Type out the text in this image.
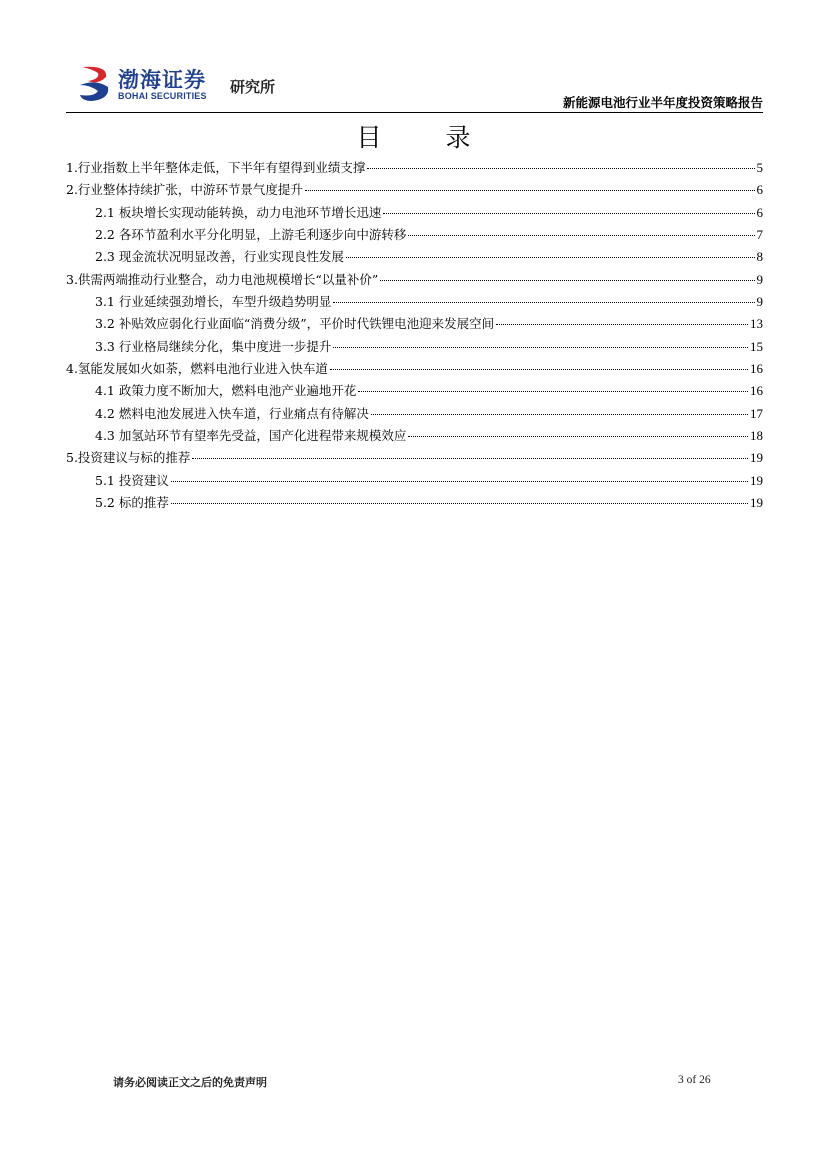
渤海证券
BOHAI SECURITIES 研究所
新能源电池行业半年度投资策略报告
目 录
1.行业指数上半年整体走低，下半年有望得到业绩支撑	5
2.行业整体持续扩张，中游环节景气度提升	6
2.1 板块增长实现动能转换，动力电池环节增长迅速	6
2.2 各环节盈利水平分化明显，上游毛利逐步向中游转移	7
2.3 现金流状况明显改善，行业实现良性发展	8
3.供需两端推动行业整合，动力电池规模增长“以量补价”	9
3.1 行业延续强劲增长，车型升级趋势明显	9
3.2 补贴效应弱化行业面临“消费分级”，平价时代铁锂电池迎来发展空间	13
3.3 行业格局继续分化，集中度进一步提升	15
4.氢能发展如火如荼，燃料电池行业进入快车道	16
4.1 政策力度不断加大，燃料电池产业遍地开花	16
4.2 燃料电池发展进入快车道，行业痛点有待解决	17
4.3 加氢站环节有望率先受益，国产化进程带来规模效应	18
5.投资建议与标的推荐	19
5.1 投资建议	19
5.2 标的推荐	19
请务必阅读正文之后的免责声明	3 of 26
